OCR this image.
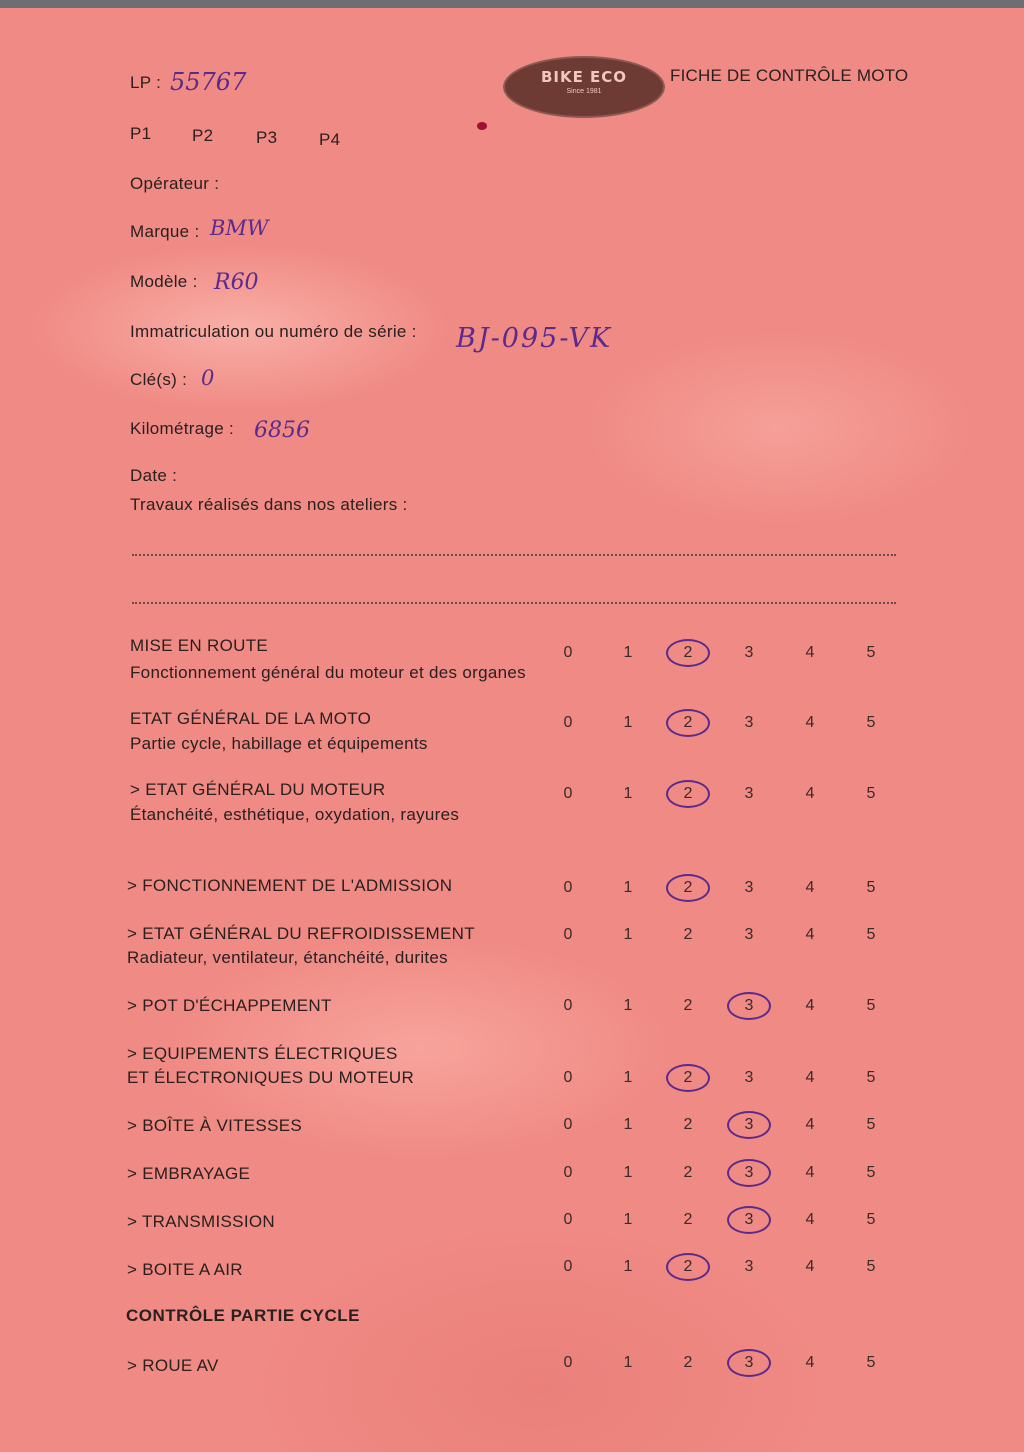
LP : 55767	BIKE ECO
Since 1981
FICHE DE CONTRÔLE MOTO
P1 P2	P3 P4
Opérateur :
Marque : BMW
Modèle : R60
Immatriculation ou numéro de série : BJ-095-VK
Clé(s) : 0
Kilométrage : 6856
Date :
Travaux réalisés dans nos ateliers :
CONTRÔLE PARTIE CYCLE
MISE EN ROUTE
Fonctionnement général du moteur et des organes
0	1	2	3	4	5
ETAT GÉNÉRAL DE LA MOTO
Partie cycle, habillage et équipements
0	1	2	3	4	5
> ETAT GÉNÉRAL DU MOTEUR
Étanchéité, esthétique, oxydation, rayures
0	1	2	3	4	5
> FONCTIONNEMENT DE L'ADMISSION	0	1	2	3	4	5
> ETAT GÉNÉRAL DU REFROIDISSEMENT
Radiateur, ventilateur, étanchéité, durites
0	1	2	3	4	5
> POT D'ÉCHAPPEMENT	0	1	2	3	4	5
> EQUIPEMENTS ÉLECTRIQUES
ET ÉLECTRONIQUES DU MOTEUR	0	1	2	3	4	5
> BOÎTE À VITESSES	0	1	2	3	4	5
> EMBRAYAGE	0	1	2	3	4	5
> TRANSMISSION	0	1	2	3	4	5
> BOITE A AIR	0	1	2	3	4	5
> ROUE AV	0	1	2	3	4	5
